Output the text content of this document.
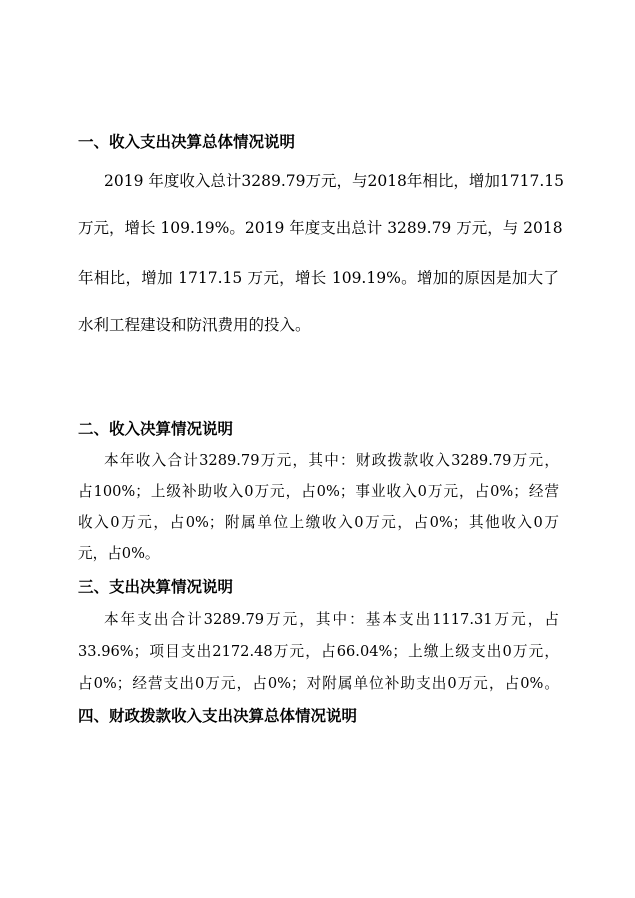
一、收入支出决算总体情况说明
2019 年度收入总计3289.79万元，与2018年相比，增加1717.15
万元，增长 109.19%。2019 年度支出总计 3289.79 万元，与 2018
年相比，增加 1717.15 万元，增长 109.19%。增加的原因是加大了
水利工程建设和防汛费用的投入。
二、收入决算情况说明
本年收入合计3289.79万元，其中：财政拨款收入3289.79万元，
占100%；上级补助收入0万元，占0%；事业收入0万元，占0%；经营
收入0万元，占0%；附属单位上缴收入0万元，占0%；其他收入0万
元，占0%。
三、支出决算情况说明
本年支出合计3289.79万元，其中：基本支出1117.31万元，占
33.96%；项目支出2172.48万元，占66.04%；上缴上级支出0万元，
占0%；经营支出0万元，占0%；对附属单位补助支出0万元，占0%。
四、财政拨款收入支出决算总体情况说明
